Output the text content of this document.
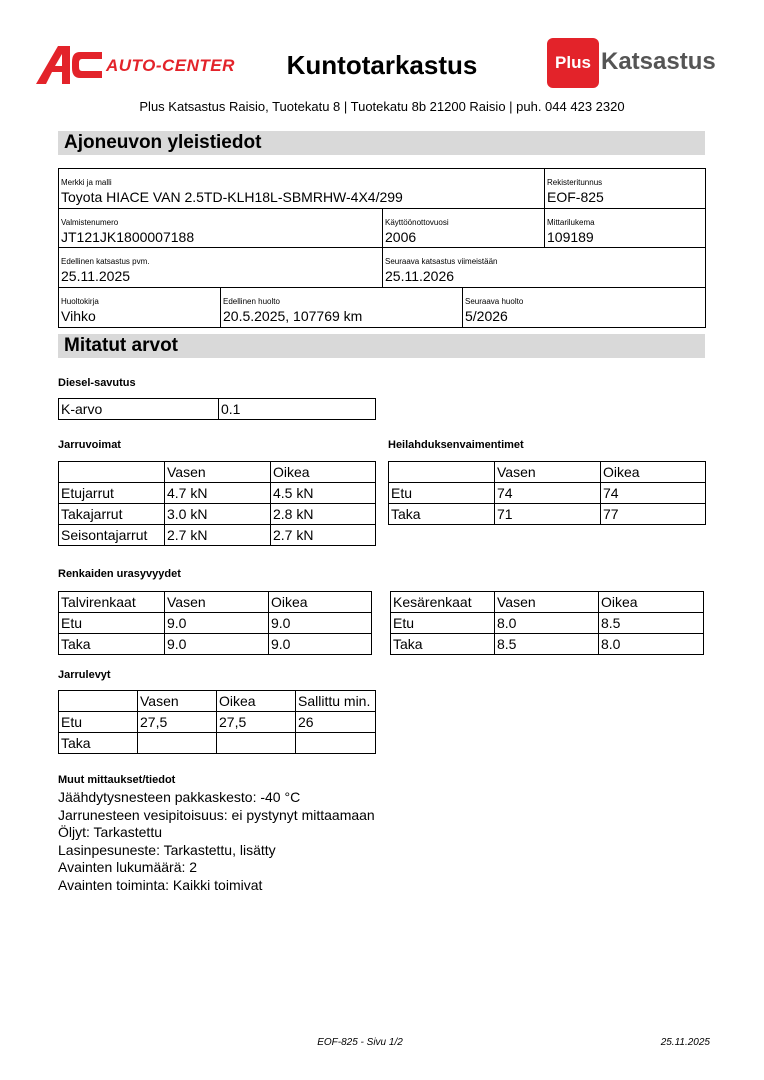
AUTO-CENTER	Kuntotarkastus	Plus Katsastus
Plus Katsastus Raisio, Tuotekatu 8 | Tuotekatu 8b 21200 Raisio | puh. 044 423 2320
Ajoneuvon yleistiedot
Merkki ja malli
Toyota HIACE VAN 2.5TD-KLH18L-SBMRHW-4X4/299
Rekisteritunnus
EOF-825
Valmistenumero
JT121JK1800007188
Käyttöönottovuosi
2006
Mittarilukema
109189
Edellinen katsastus pvm.
25.11.2025
Seuraava katsastus viimeistään
25.11.2026
Huoltokirja
Vihko
Edellinen huolto
20.5.2025, 107769 km
Seuraava huolto
5/2026
Mitatut arvot
Diesel-savutus
K-arvo	0.1
Jarruvoimat
	Vasen	Oikea
Etujarrut	4.7 kN	4.5 kN
Takajarrut	3.0 kN	2.8 kN
Seisontajarrut	2.7 kN	2.7 kN
Heilahduksenvaimentimet
	Vasen	Oikea
Etu	74	74
Taka	71	77
Renkaiden urasyvyydet
Talvirenkaat	Vasen	Oikea
Etu	9.0	9.0
Taka	9.0	9.0
Kesärenkaat	Vasen	Oikea
Etu	8.0	8.5
Taka	8.5	8.0
Jarrulevyt
	Vasen	Oikea	Sallittu min.
Etu	27,5	27,5	26
Taka			
Muut mittaukset/tiedot
Jäähdytysnesteen pakkaskesto: -40 °C
Jarrunesteen vesipitoisuus: ei pystynyt mittaamaan
Öljyt: Tarkastettu
Lasinpesuneste: Tarkastettu, lisätty
Avainten lukumäärä: 2
Avainten toiminta: Kaikki toimivat
EOF-825 - Sivu 1/2	25.11.2025
